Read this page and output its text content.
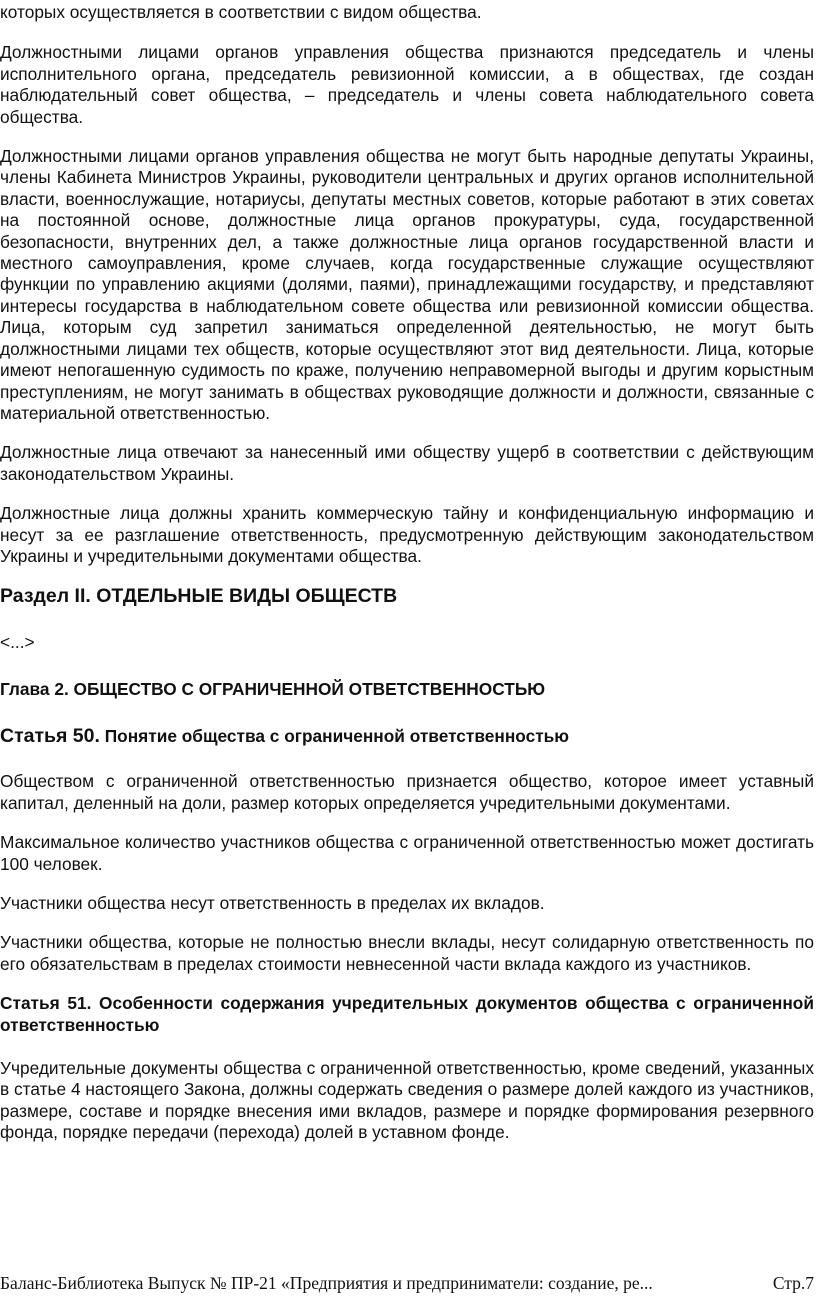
которых осуществляется в соответствии с видом общества.

Должностными лицами органов управления общества признаются председатель и члены исполнительного органа, председатель ревизионной комиссии, а в обществах, где создан наблюдательный совет общества, – председатель и члены совета наблюдательного совета общества.

Должностными лицами органов управления общества не могут быть народные депутаты Украины, члены Кабинета Министров Украины, руководители центральных и других органов исполнительной власти, военнослужащие, нотариусы, депутаты местных советов, которые работают в этих советах на постоянной основе, должностные лица органов прокуратуры, суда, государственной безопасности, внутренних дел, а также должностные лица органов государственной власти и местного самоуправления, кроме случаев, когда государственные служащие осуществляют функции по управлению акциями (долями, паями), принадлежащими государству, и представляют интересы государства в наблюдательном совете общества или ревизионной комиссии общества. Лица, которым суд запретил заниматься определенной деятельностью, не могут быть должностными лицами тех обществ, которые осуществляют этот вид деятельности. Лица, которые имеют непогашенную судимость по краже, получению неправомерной выгоды и другим корыстным преступлениям, не могут занимать в обществах руководящие должности и должности, связанные с материальной ответственностью.

Должностные лица отвечают за нанесенный ими обществу ущерб в соответствии с действующим законодательством Украины.

Должностные лица должны хранить коммерческую тайну и конфиденциальную информацию и несут за ее разглашение ответственность, предусмотренную действующим законодательством Украины и учредительными документами общества.

Раздел II. ОТДЕЛЬНЫЕ ВИДЫ ОБЩЕСТВ
<...>
Глава 2. ОБЩЕСТВО С ОГРАНИЧЕННОЙ ОТВЕТСТВЕННОСТЬЮ
Статья 50. Понятие общества с ограниченной ответственностью

Обществом с ограниченной ответственностью признается общество, которое имеет уставный капитал, деленный на доли, размер которых определяется учредительными документами.

Максимальное количество участников общества с ограниченной ответственностью может достигать 100 человек.

Участники общества несут ответственность в пределах их вкладов.

Участники общества, которые не полностью внесли вклады, несут солидарную ответственность по его обязательствам в пределах стоимости невнесенной части вклада каждого из участников.

Статья 51. Особенности содержания учредительных документов общества с ограниченной ответственностью

Учредительные документы общества с ограниченной ответственностью, кроме сведений, указанных в статье 4 настоящего Закона, должны содержать сведения о размере долей каждого из участников, размере, составе и порядке внесения ими вкладов, размере и порядке формирования резервного фонда, порядке передачи (перехода) долей в уставном фонде.

Баланс-Библиотека Выпуск № ПР-21 «Предприятия и предприниматели: создание, ре...	Стр.7
